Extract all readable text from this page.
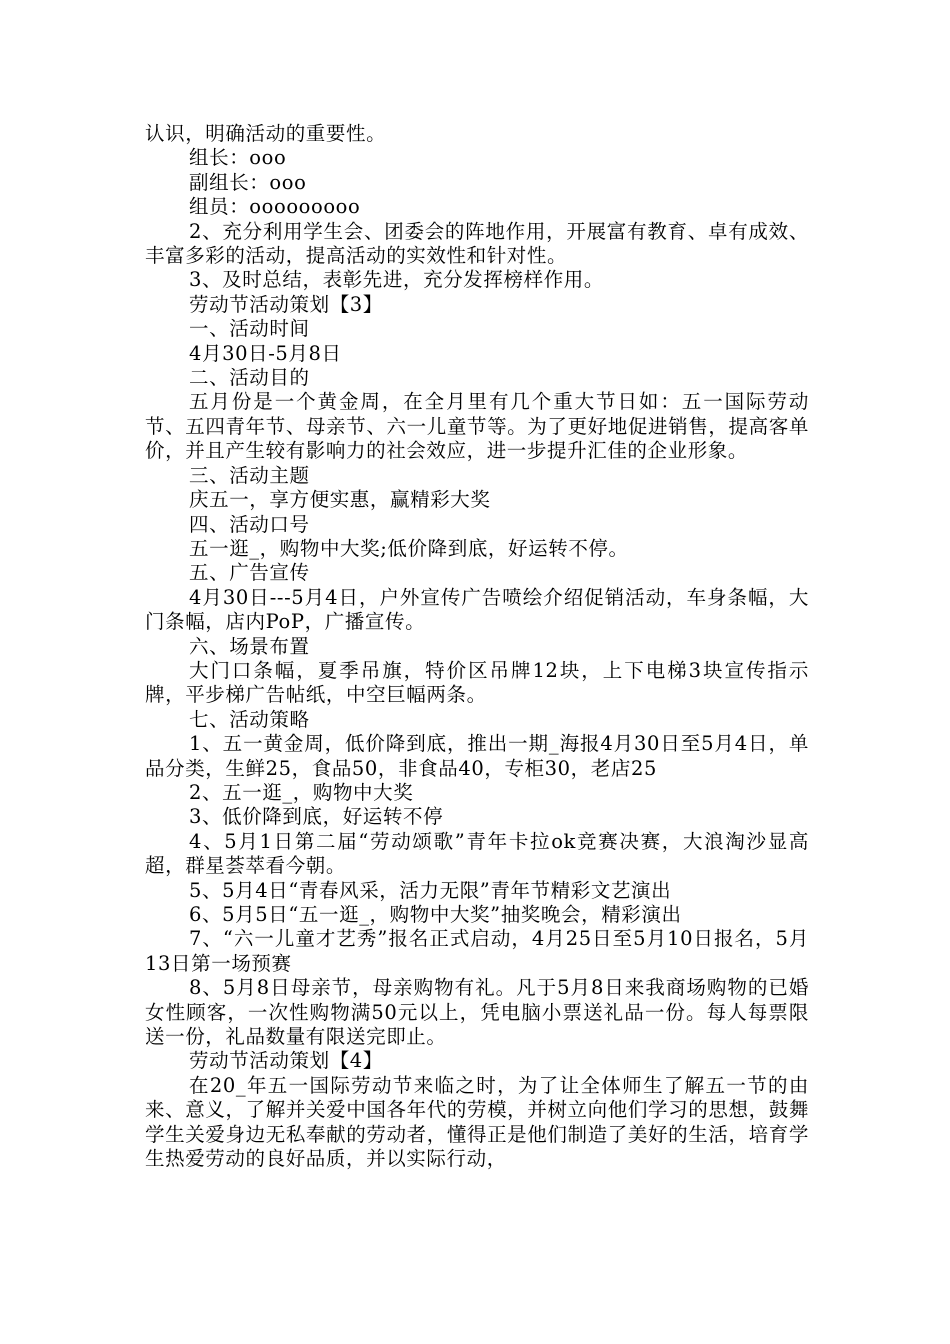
认识，明确活动的重要性。

组长：ooo

副组长：ooo

组员：ooooooooo

2、充分利用学生会、团委会的阵地作用，开展富有教育、卓有成效、丰富多彩的活动，提高活动的实效性和针对性。

3、及时总结，表彰先进，充分发挥榜样作用。

劳动节活动策划【3】

一、活动时间

4月30日-5月8日

二、活动目的

五月份是一个黄金周，在全月里有几个重大节日如：五一国际劳动节、五四青年节、母亲节、六一儿童节等。为了更好地促进销售，提高客单价，并且产生较有影响力的社会效应，进一步提升汇佳的企业形象。

三、活动主题

庆五一，享方便实惠，赢精彩大奖

四、活动口号

五一逛_，购物中大奖;低价降到底，好运转不停。

五、广告宣传

4月30日---5月4日，户外宣传广告喷绘介绍促销活动，车身条幅，大门条幅，店内PoP，广播宣传。

六、场景布置

大门口条幅，夏季吊旗，特价区吊牌12块，上下电梯3块宣传指示牌，平步梯广告帖纸，中空巨幅两条。

七、活动策略

1、五一黄金周，低价降到底，推出一期_海报4月30日至5月4日，单品分类，生鲜25，食品50，非食品40，专柜30，老店25

2、五一逛_，购物中大奖

3、低价降到底，好运转不停

4、5月1日第二届“劳动颂歌”青年卡拉ok竞赛决赛，大浪淘沙显高超，群星荟萃看今朝。

5、5月4日“青春风采，活力无限”青年节精彩文艺演出

6、5月5日“五一逛_，购物中大奖”抽奖晚会，精彩演出

7、“六一儿童才艺秀”报名正式启动，4月25日至5月10日报名，5月13日第一场预赛

8、5月8日母亲节，母亲购物有礼。凡于5月8日来我商场购物的已婚女性顾客，一次性购物满50元以上，凭电脑小票送礼品一份。每人每票限送一份，礼品数量有限送完即止。

劳动节活动策划【4】

在20_年五一国际劳动节来临之时，为了让全体师生了解五一节的由来、意义，了解并关爱中国各年代的劳模，并树立向他们学习的思想，鼓舞学生关爱身边无私奉献的劳动者，懂得正是他们制造了美好的生活，培育学生热爱劳动的良好品质，并以实际行动，
